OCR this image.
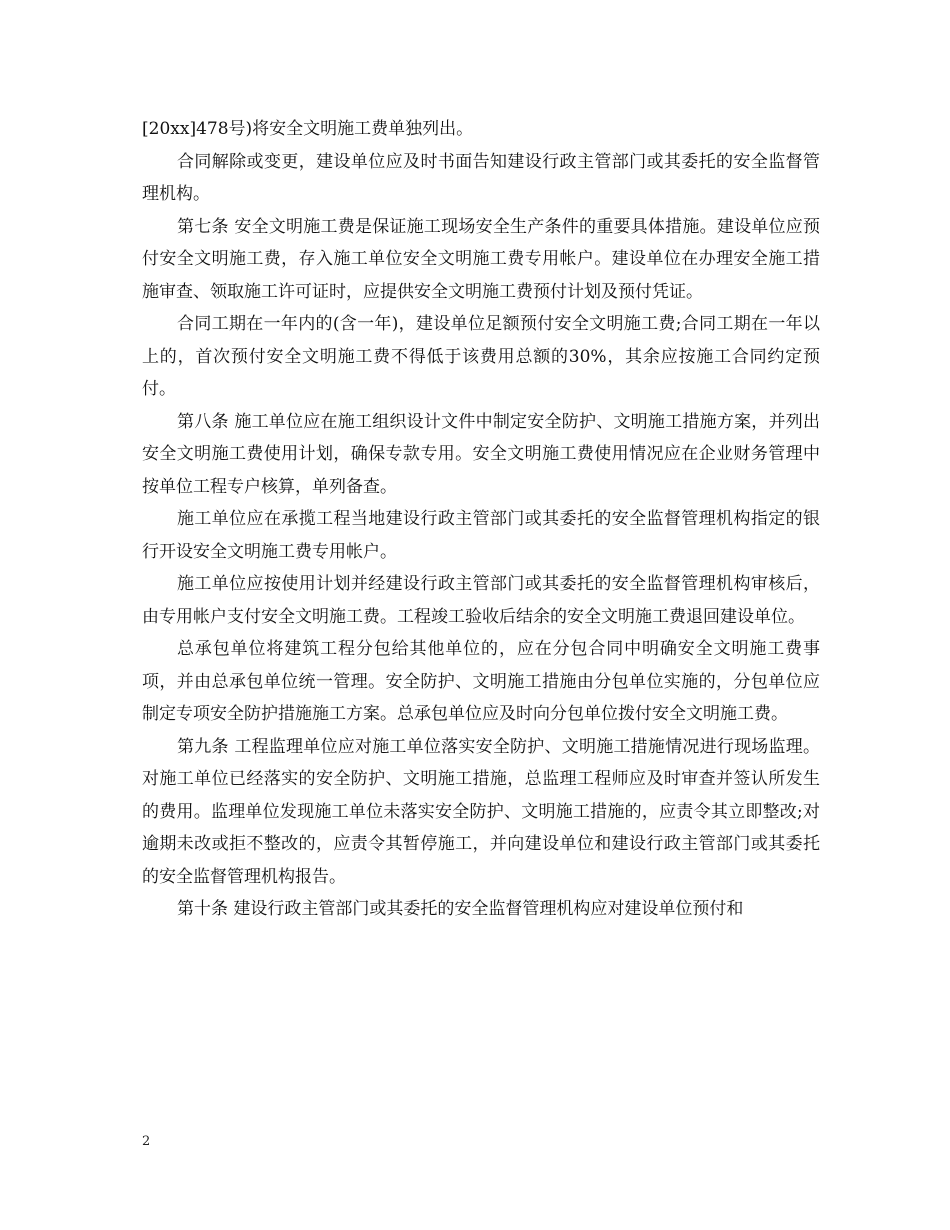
[20xx]478号)将安全文明施工费单独列出。

合同解除或变更，建设单位应及时书面告知建设行政主管部门或其委托的安全监督管理机构。

第七条 安全文明施工费是保证施工现场安全生产条件的重要具体措施。建设单位应预付安全文明施工费，存入施工单位安全文明施工费专用帐户。建设单位在办理安全施工措施审查、领取施工许可证时，应提供安全文明施工费预付计划及预付凭证。

合同工期在一年内的(含一年)，建设单位足额预付安全文明施工费;合同工期在一年以上的，首次预付安全文明施工费不得低于该费用总额的30%，其余应按施工合同约定预付。

第八条 施工单位应在施工组织设计文件中制定安全防护、文明施工措施方案，并列出安全文明施工费使用计划，确保专款专用。安全文明施工费使用情况应在企业财务管理中按单位工程专户核算，单列备查。

施工单位应在承揽工程当地建设行政主管部门或其委托的安全监督管理机构指定的银行开设安全文明施工费专用帐户。

施工单位应按使用计划并经建设行政主管部门或其委托的安全监督管理机构审核后，由专用帐户支付安全文明施工费。工程竣工验收后结余的安全文明施工费退回建设单位。

总承包单位将建筑工程分包给其他单位的，应在分包合同中明确安全文明施工费事项，并由总承包单位统一管理。安全防护、文明施工措施由分包单位实施的，分包单位应制定专项安全防护措施施工方案。总承包单位应及时向分包单位拨付安全文明施工费。

第九条 工程监理单位应对施工单位落实安全防护、文明施工措施情况进行现场监理。对施工单位已经落实的安全防护、文明施工措施，总监理工程师应及时审查并签认所发生的费用。监理单位发现施工单位未落实安全防护、文明施工措施的，应责令其立即整改;对逾期未改或拒不整改的，应责令其暂停施工，并向建设单位和建设行政主管部门或其委托的安全监督管理机构报告。

第十条 建设行政主管部门或其委托的安全监督管理机构应对建设单位预付和

2
